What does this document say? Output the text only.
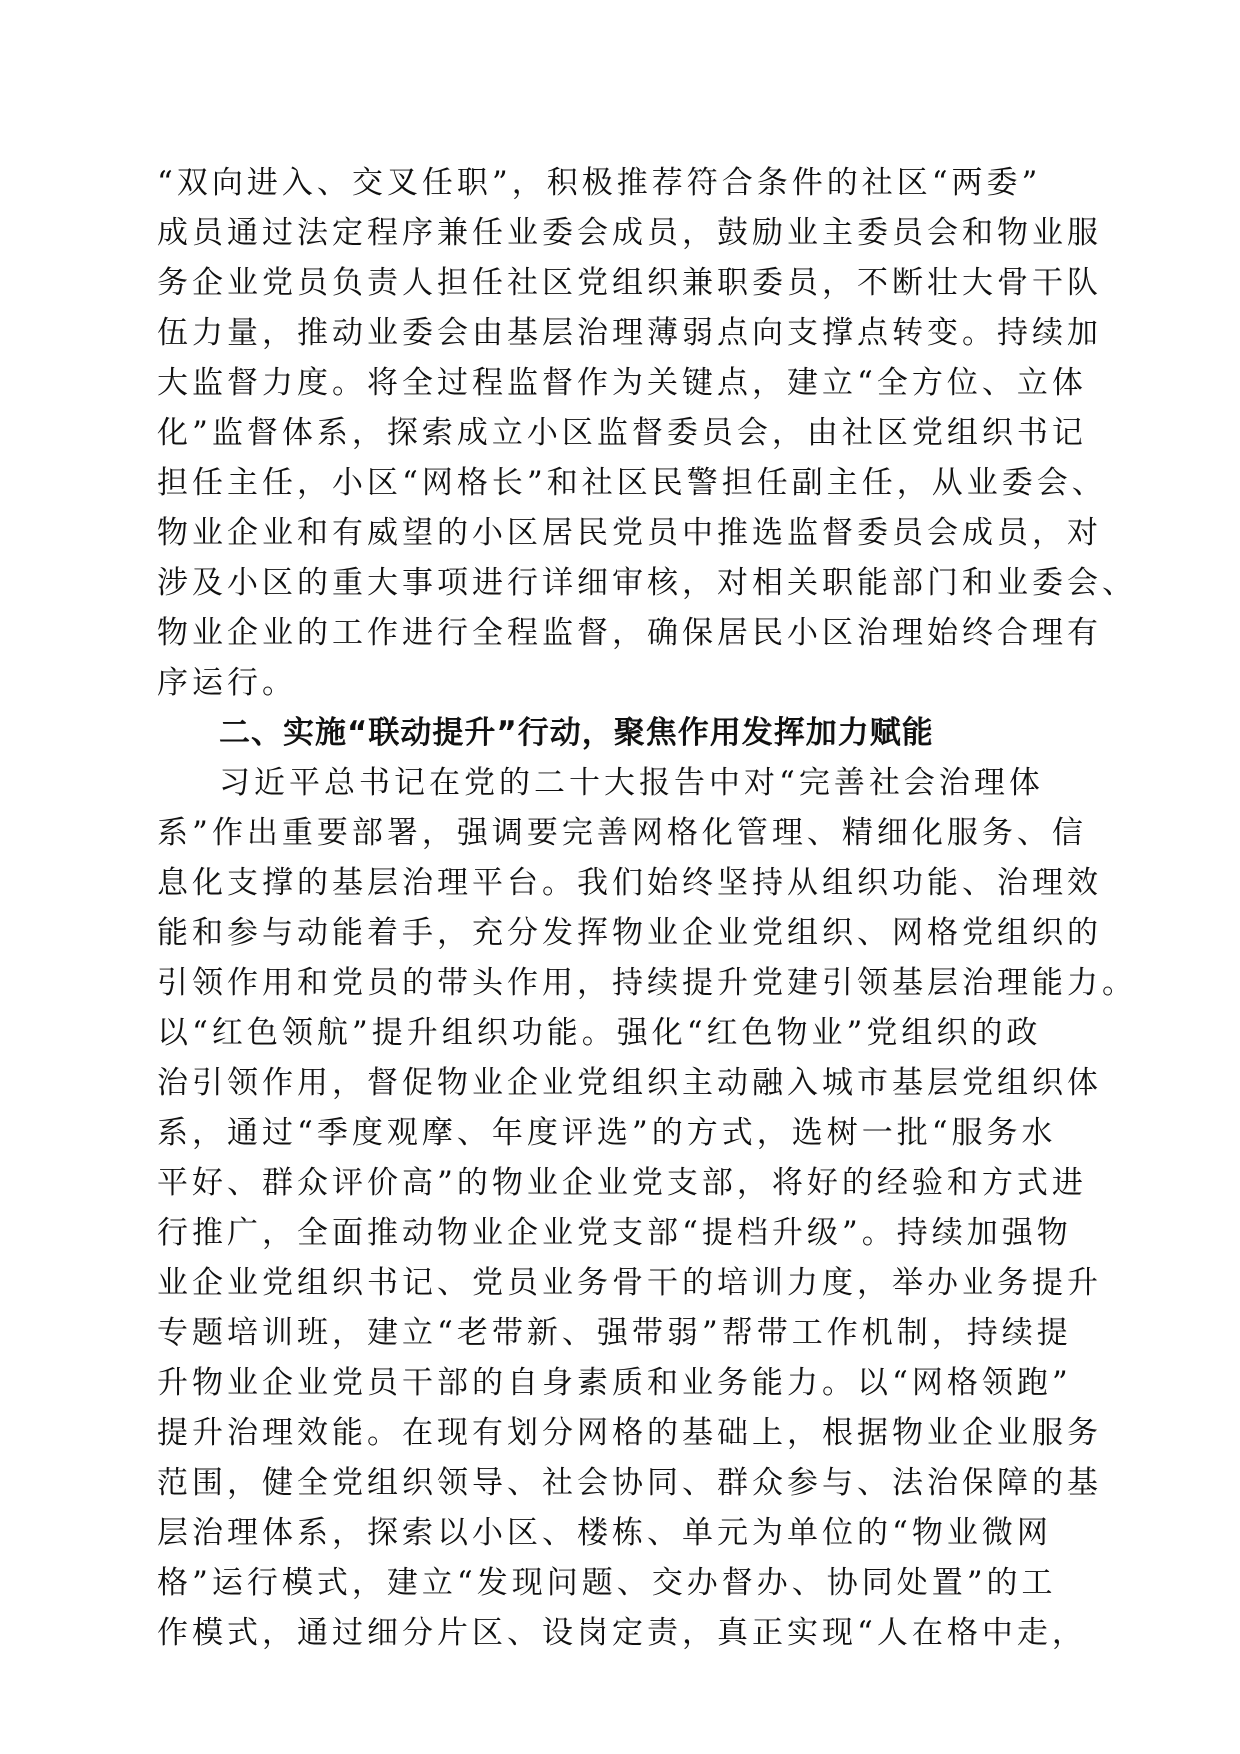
“双向进入、交叉任职”，积极推荐符合条件的社区“两委”
成员通过法定程序兼任业委会成员，鼓励业主委员会和物业服
务企业党员负责人担任社区党组织兼职委员，不断壮大骨干队
伍力量，推动业委会由基层治理薄弱点向支撑点转变。持续加
大监督力度。将全过程监督作为关键点，建立“全方位、立体
化”监督体系，探索成立小区监督委员会，由社区党组织书记
担任主任，小区“网格长”和社区民警担任副主任，从业委会、
物业企业和有威望的小区居民党员中推选监督委员会成员，对
涉及小区的重大事项进行详细审核，对相关职能部门和业委会、
物业企业的工作进行全程监督，确保居民小区治理始终合理有
序运行。
二、实施“联动提升”行动，聚焦作用发挥加力赋能
习近平总书记在党的二十大报告中对“完善社会治理体
系”作出重要部署，强调要完善网格化管理、精细化服务、信
息化支撑的基层治理平台。我们始终坚持从组织功能、治理效
能和参与动能着手，充分发挥物业企业党组织、网格党组织的
引领作用和党员的带头作用，持续提升党建引领基层治理能力。
以“红色领航”提升组织功能。强化“红色物业”党组织的政
治引领作用，督促物业企业党组织主动融入城市基层党组织体
系，通过“季度观摩、年度评选”的方式，选树一批“服务水
平好、群众评价高”的物业企业党支部，将好的经验和方式进
行推广，全面推动物业企业党支部“提档升级”。持续加强物
业企业党组织书记、党员业务骨干的培训力度，举办业务提升
专题培训班，建立“老带新、强带弱”帮带工作机制，持续提
升物业企业党员干部的自身素质和业务能力。以“网格领跑”
提升治理效能。在现有划分网格的基础上，根据物业企业服务
范围，健全党组织领导、社会协同、群众参与、法治保障的基
层治理体系，探索以小区、楼栋、单元为单位的“物业微网
格”运行模式，建立“发现问题、交办督办、协同处置”的工
作模式，通过细分片区、设岗定责，真正实现“人在格中走，
